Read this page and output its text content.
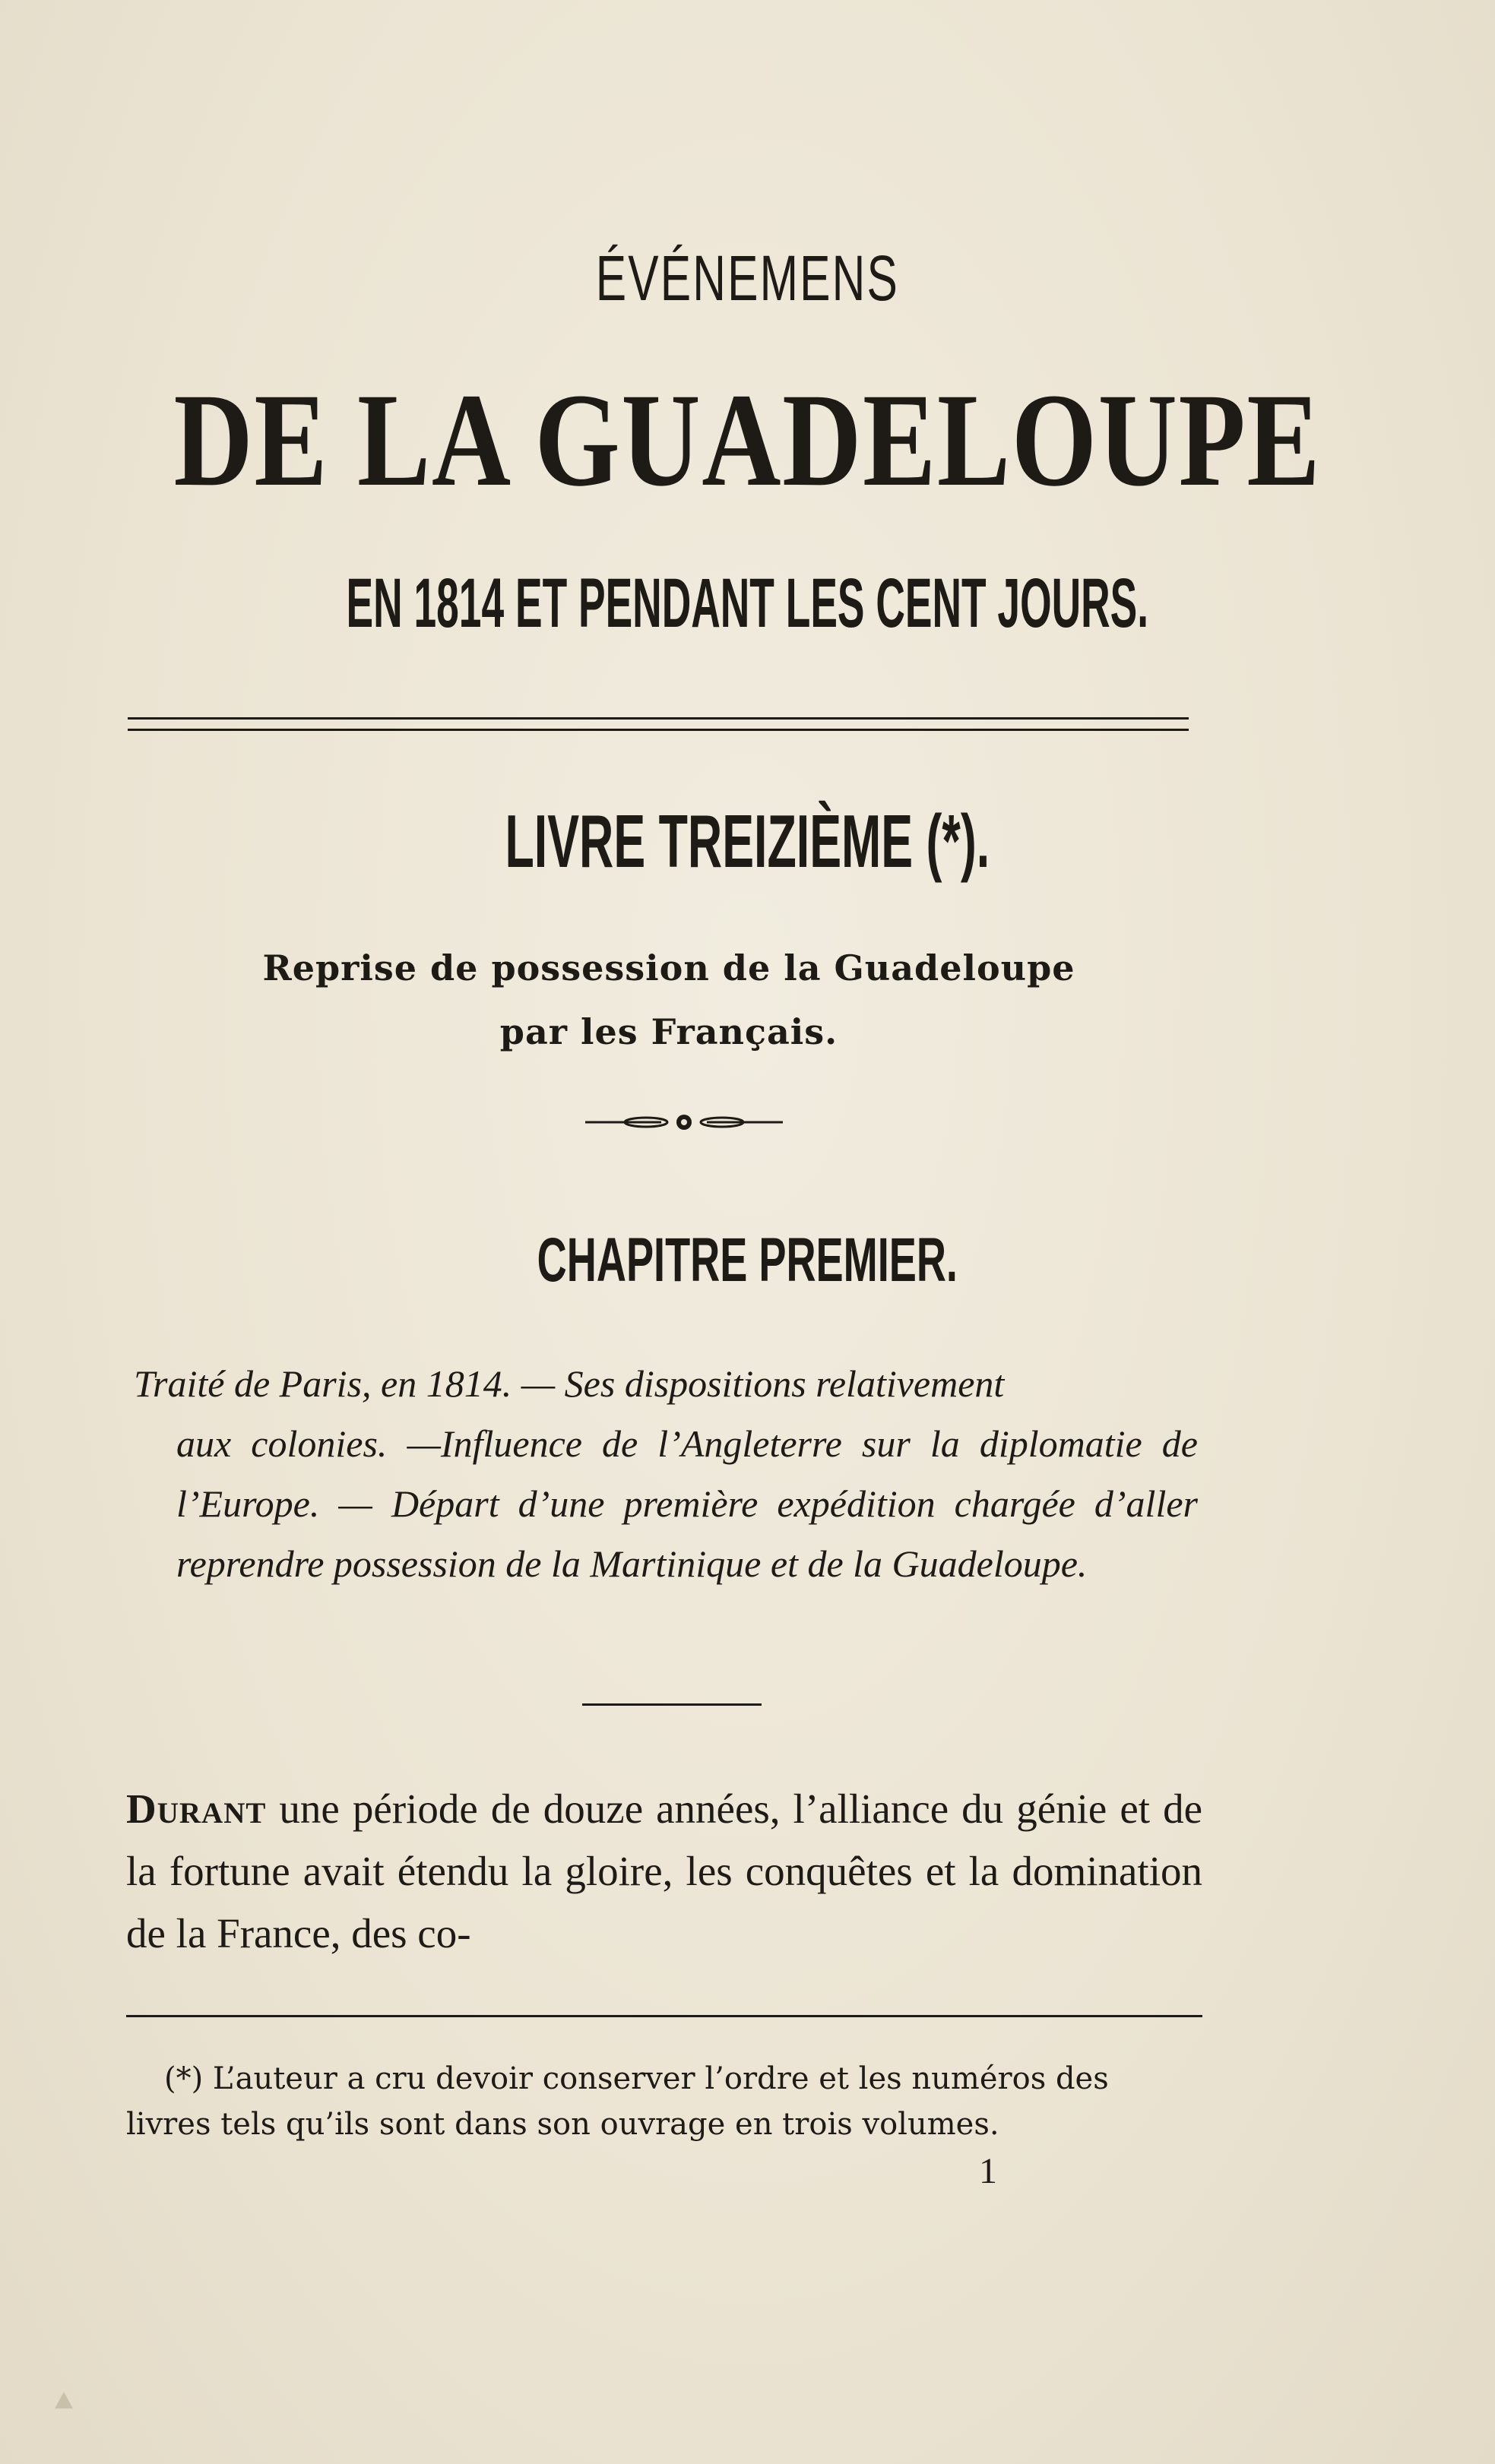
ÉVÉNEMENS
DE LA GUADELOUPE
EN 1814 ET PENDANT LES CENT JOURS.
LIVRE TREIZIÈME (*).
Reprise de possession de la Guadeloupe
par les Français.
CHAPITRE PREMIER.
Traité de Paris, en 1814. — Ses dispositions relativement
aux colonies. —Influence de l’Angleterre sur la diplomatie de l’Europe. — Départ d’une première expédition chargée d’aller reprendre possession de la Martinique et de la Guadeloupe.
Durant une période de douze années, l’alliance du génie et de la fortune avait étendu la gloire, les conquêtes et la domination de la France, des co-
(*) L’auteur a cru devoir conserver l’ordre et les numéros des
livres tels qu’ils sont dans son ouvrage en trois volumes.
1
